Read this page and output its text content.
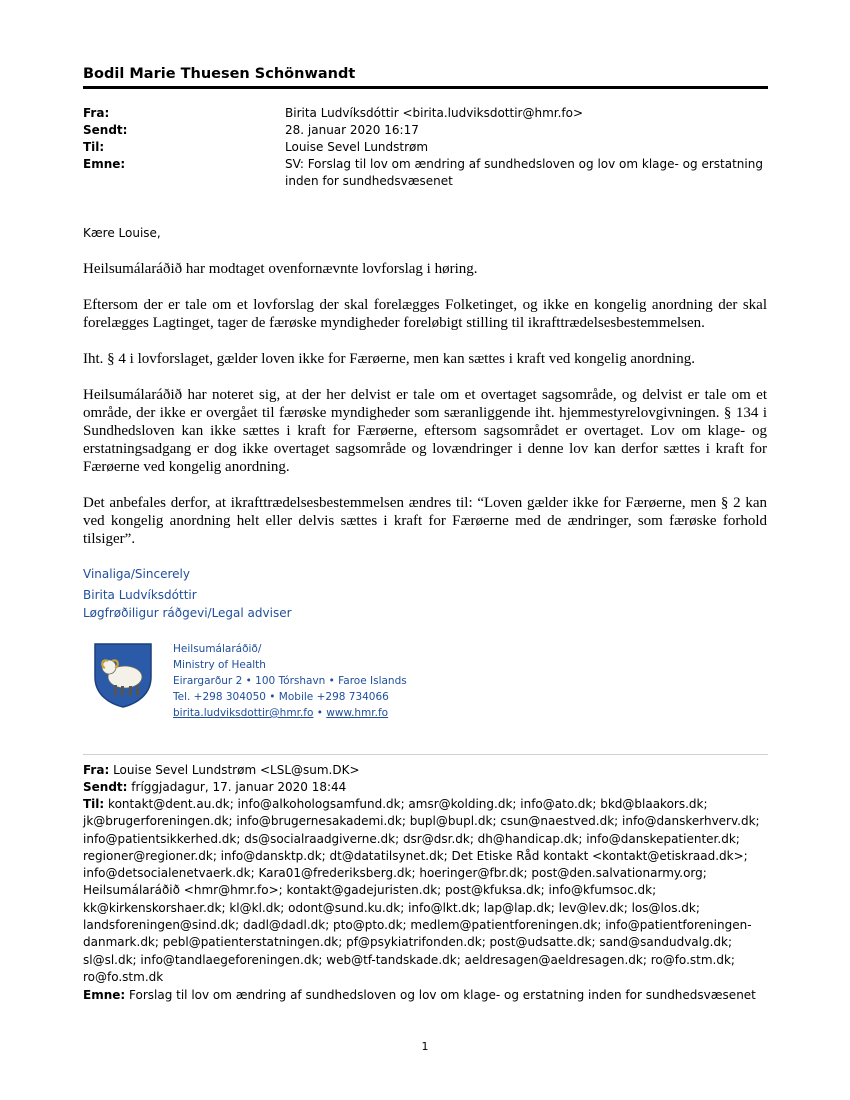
Bodil Marie Thuesen Schönwandt
Fra:	Birita Ludvíksdóttir <birita.ludviksdottir@hmr.fo>
Sendt:	28. januar 2020 16:17
Til:	Louise Sevel Lundstrøm
Emne:	SV: Forslag til lov om ændring af sundhedsloven og lov om klage- og erstatning inden for sundhedsvæsenet
Kære Louise,

Heilsumálaráðið har modtaget ovenfornævnte lovforslag i høring.

Eftersom der er tale om et lovforslag der skal forelægges Folketinget, og ikke en kongelig anordning der skal forelægges Lagtinget, tager de færøske myndigheder foreløbigt stilling til ikrafttrædelsesbestemmelsen.

Iht. § 4 i lovforslaget, gælder loven ikke for Færøerne, men kan sættes i kraft ved kongelig anordning.

Heilsumálaráðið har noteret sig, at der her delvist er tale om et overtaget sagsområde, og delvist er tale om et område, der ikke er overgået til færøske myndigheder som særanliggende iht. hjemmestyrelovgivningen. § 134 i Sundhedsloven kan ikke sættes i kraft for Færøerne, eftersom sagsområdet er overtaget. Lov om klage- og erstatningsadgang er dog ikke overtaget sagsområde og lovændringer i denne lov kan derfor sættes i kraft for Færøerne ved kongelig anordning.

Det anbefales derfor, at ikrafttrædelsesbestemmelsen ændres til: “Loven gælder ikke for Færøerne, men § 2 kan ved kongelig anordning helt eller delvis sættes i kraft for Færøerne med de ændringer, som færøske forhold tilsiger”.

Vinaliga/Sincerely
Birita Ludvíksdóttir
Løgfrøðiligur ráðgevi/Legal adviser
Heilsumálaráðið/
Ministry of Health
Eirargarður 2 • 100 Tórshavn • Faroe Islands
Tel. +298 304050 • Mobile +298 734066
birita.ludviksdottir@hmr.fo • www.hmr.fo
Fra: Louise Sevel Lundstrøm <LSL@sum.DK>
Sendt: fríggjadagur, 17. januar 2020 18:44
Til: kontakt@dent.au.dk; info@alkohologsamfund.dk; amsr@kolding.dk; info@ato.dk; bkd@blaakors.dk;
jk@brugerforeningen.dk; info@brugernesakademi.dk; bupl@bupl.dk; csun@naestved.dk; info@danskerhverv.dk;
info@patientsikkerhed.dk; ds@socialraadgiverne.dk; dsr@dsr.dk; dh@handicap.dk; info@danskepatienter.dk;
regioner@regioner.dk; info@dansktp.dk; dt@datatilsynet.dk; Det Etiske Råd kontakt <kontakt@etiskraad.dk>;
info@detsocialenetvaerk.dk; Kara01@frederiksberg.dk; hoeringer@fbr.dk; post@den.salvationarmy.org;
Heilsumálaráðið <hmr@hmr.fo>; kontakt@gadejuristen.dk; post@kfuksa.dk; info@kfumsoc.dk;
kk@kirkenskorshaer.dk; kl@kl.dk; odont@sund.ku.dk; info@lkt.dk; lap@lap.dk; lev@lev.dk; los@los.dk;
landsforeningen@sind.dk; dadl@dadl.dk; pto@pto.dk; medlem@patientforeningen.dk; info@patientforeningen-
danmark.dk; pebl@patienterstatningen.dk; pf@psykiatrifonden.dk; post@udsatte.dk; sand@sandudvalg.dk;
sl@sl.dk; info@tandlaegeforeningen.dk; web@tf-tandskade.dk; aeldresagen@aeldresagen.dk; ro@fo.stm.dk;
ro@fo.stm.dk
Emne: Forslag til lov om ændring af sundhedsloven og lov om klage- og erstatning inden for sundhedsvæsenet
1
